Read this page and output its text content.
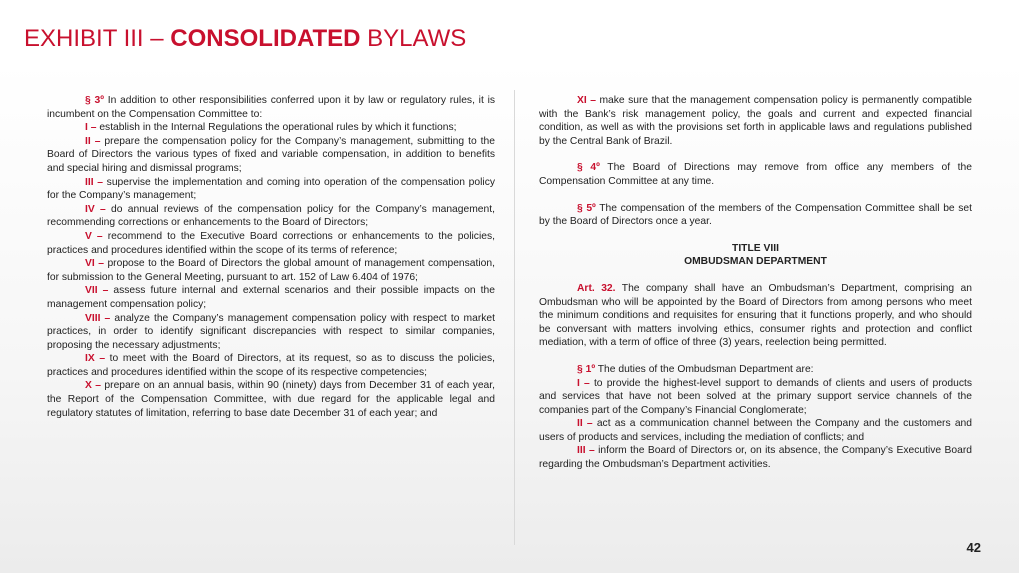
EXHIBIT III – CONSOLIDATED BYLAWS

§ 3º In addition to other responsibilities conferred upon it by law or regulatory rules, it is incumbent on the Compensation Committee to:

I – establish in the Internal Regulations the operational rules by which it functions;

II – prepare the compensation policy for the Company’s management, submitting to the Board of Directors the various types of fixed and variable compensation, in addition to benefits and special hiring and dismissal programs;

III – supervise the implementation and coming into operation of the compensation policy for the Company’s management;

IV – do annual reviews of the compensation policy for the Company’s management, recommending corrections or enhancements to the Board of Directors;

V – recommend to the Executive Board corrections or enhancements to the policies, practices and procedures identified within the scope of its terms of reference;

VI – propose to the Board of Directors the global amount of management compensation, for submission to the General Meeting, pursuant to art. 152 of Law 6.404 of 1976;

VII – assess future internal and external scenarios and their possible impacts on the management compensation policy;

VIII – analyze the Company’s management compensation policy with respect to market practices, in order to identify significant discrepancies with respect to similar companies, proposing the necessary adjustments;

IX – to meet with the Board of Directors, at its request, so as to discuss the policies, practices and procedures identified within the scope of its respective competencies;

X – prepare on an annual basis, within 90 (ninety) days from December 31 of each year, the Report of the Compensation Committee, with due regard for the applicable legal and regulatory statutes of limitation, referring to base date December 31 of each year; and

XI – make sure that the management compensation policy is permanently compatible with the Bank’s risk management policy, the goals and current and expected financial condition, as well as with the provisions set forth in applicable laws and regulations published by the Central Bank of Brazil.

§ 4º The Board of Directions may remove from office any members of the Compensation Committee at any time.

§ 5º The compensation of the members of the Compensation Committee shall be set by the Board of Directors once a year.

TITLE VIII

OMBUDSMAN DEPARTMENT

Art. 32. The company shall have an Ombudsman’s Department, comprising an Ombudsman who will be appointed by the Board of Directors from among persons who meet the minimum conditions and requisites for ensuring that it functions properly, and who should be conversant with matters involving ethics, consumer rights and protection and conflict mediation, with a term of office of three (3) years, reelection being permitted.

§ 1º The duties of the Ombudsman Department are:

I – to provide the highest-level support to demands of clients and users of products and services that have not been solved at the primary support service channels of the companies part of the Company’s Financial Conglomerate;

II – act as a communication channel between the Company and the customers and users of products and services, including the mediation of conflicts; and

III – inform the Board of Directors or, on its absence, the Company’s Executive Board regarding the Ombudsman’s Department activities.

42
